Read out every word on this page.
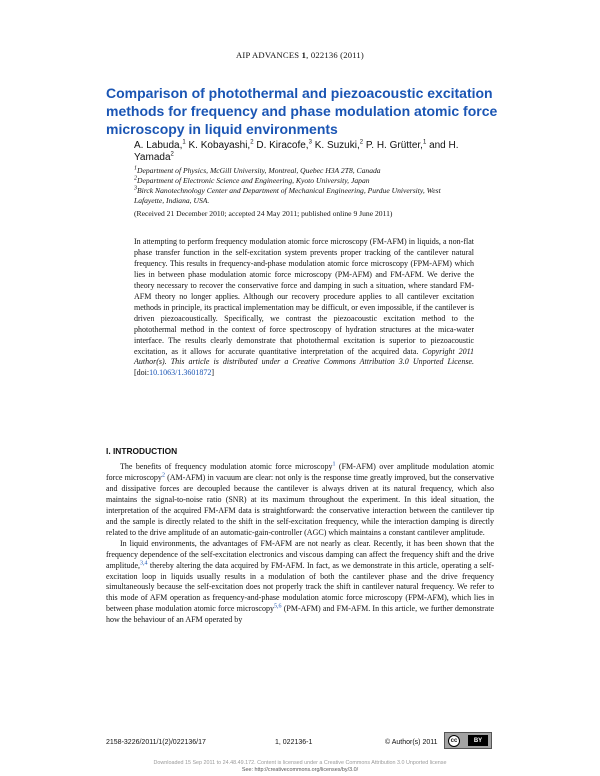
AIP ADVANCES 1, 022136 (2011)
Comparison of photothermal and piezoacoustic excitation methods for frequency and phase modulation atomic force microscopy in liquid environments
A. Labuda,$^1$ K. Kobayashi,$^2$ D. Kiracofe,$^3$ K. Suzuki,$^2$ P. H. Grütter,$^1$ and H. Yamada$^2$
$^1$Department of Physics, McGill University, Montreal, Quebec H3A 2T8, Canada
$^2$Department of Electronic Science and Engineering, Kyoto University, Japan
$^3$Birck Nanotechnology Center and Department of Mechanical Engineering, Purdue University, West Lafayette, Indiana, USA.
(Received 21 December 2010; accepted 24 May 2011; published online 9 June 2011)
In attempting to perform frequency modulation atomic force microscopy (FM-AFM) in liquids, a non-flat phase transfer function in the self-excitation system prevents proper tracking of the cantilever natural frequency. This results in frequency-and-phase modulation atomic force microscopy (FPM-AFM) which lies in between phase modulation atomic force microscopy (PM-AFM) and FM-AFM. We derive the theory necessary to recover the conservative force and damping in such a situation, where standard FM-AFM theory no longer applies. Although our recovery procedure applies to all cantilever excitation methods in principle, its practical implementation may be difficult, or even impossible, if the cantilever is driven piezoacoustically. Specifically, we contrast the piezoacoustic excitation method to the photothermal method in the context of force spectroscopy of hydration structures at the mica-water interface. The results clearly demonstrate that photothermal excitation is superior to piezoacoustic excitation, as it allows for accurate quantitative interpretation of the acquired data. Copyright 2011 Author(s). This article is distributed under a Creative Commons Attribution 3.0 Unported License. [doi:10.1063/1.3601872]
I. INTRODUCTION

The benefits of frequency modulation atomic force microscopy$^1$ (FM-AFM) over amplitude modulation atomic force microscopy$^2$ (AM-AFM) in vacuum are clear: not only is the response time greatly improved, but the conservative and dissipative forces are decoupled because the cantilever is always driven at its natural frequency, which also maintains the signal-to-noise ratio (SNR) at its maximum throughout the experiment. In this ideal situation, the interpretation of the acquired FM-AFM data is straightforward: the conservative interaction between the cantilever tip and the sample is directly related to the shift in the self-excitation frequency, while the interaction damping is directly related to the drive amplitude of an automatic-gain-controller (AGC) which maintains a constant cantilever amplitude.

In liquid environments, the advantages of FM-AFM are not nearly as clear. Recently, it has been shown that the frequency dependence of the self-excitation electronics and viscous damping can affect the frequency shift and the drive amplitude,$^{3,4}$ thereby altering the data acquired by FM-AFM. In fact, as we demonstrate in this article, operating a self-excitation loop in liquids usually results in a modulation of both the cantilever phase and the drive frequency simultaneously because the self-excitation does not properly track the shift in cantilever natural frequency. We refer to this mode of AFM operation as frequency-and-phase modulation atomic force microscopy (FPM-AFM), which lies in between phase modulation atomic force microscopy$^{5,6}$ (PM-AFM) and FM-AFM. In this article, we further demonstrate how the behaviour of an AFM operated by

2158-3226/2011/1(2)/022136/17	1, 022136-1	© Author(s) 2011	cc	BY
Downloaded 15 Sep 2011 to 24.48.49.172. Content is licensed under a Creative Commons Attribution 3.0 Unported license
See: http://creativecommons.org/licenses/by/3.0/
